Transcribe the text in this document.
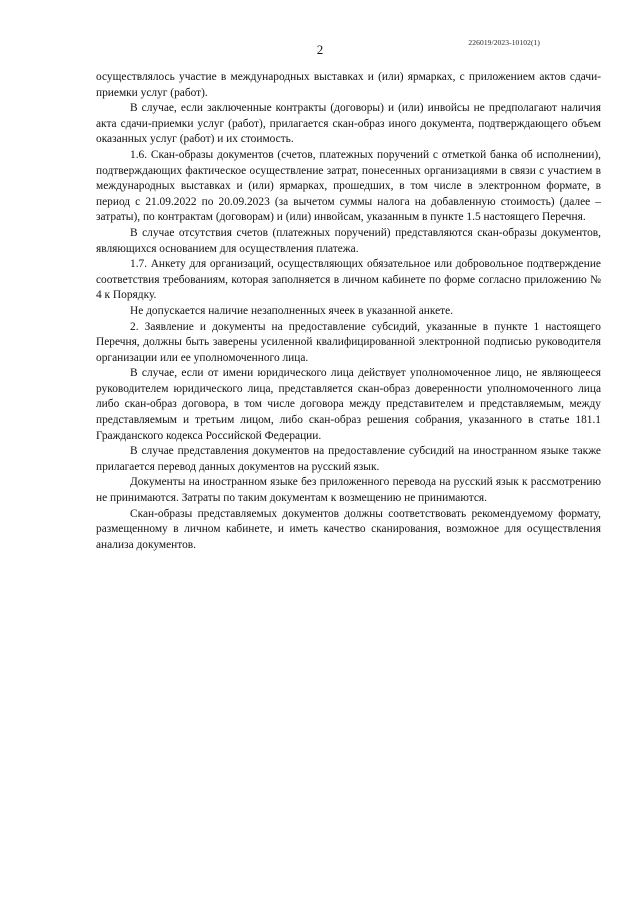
226019/2023-10102(1)
2

осуществлялось участие в международных выставках и (или) ярмарках, с приложением актов сдачи-приемки услуг (работ).

В случае, если заключенные контракты (договоры) и (или) инвойсы не предполагают наличия акта сдачи-приемки услуг (работ), прилагается скан-образ иного документа, подтверждающего объем оказанных услуг (работ) и их стоимость.

1.6. Скан-образы документов (счетов, платежных поручений с отметкой банка об исполнении), подтверждающих фактическое осуществление затрат, понесенных организациями в связи с участием в международных выставках и (или) ярмарках, прошедших, в том числе в электронном формате, в период с 21.09.2022 по 20.09.2023 (за вычетом суммы налога на добавленную стоимость) (далее – затраты), по контрактам (договорам) и (или) инвойсам, указанным в пункте 1.5 настоящего Перечня.

В случае отсутствия счетов (платежных поручений) представляются скан-образы документов, являющихся основанием для осуществления платежа.

1.7. Анкету для организаций, осуществляющих обязательное или добровольное подтверждение соответствия требованиям, которая заполняется в личном кабинете по форме согласно приложению № 4 к Порядку.

Не допускается наличие незаполненных ячеек в указанной анкете.

2. Заявление и документы на предоставление субсидий, указанные в пункте 1 настоящего Перечня, должны быть заверены усиленной квалифицированной электронной подписью руководителя организации или ее уполномоченного лица.

В случае, если от имени юридического лица действует уполномоченное лицо, не являющееся руководителем юридического лица, представляется скан-образ доверенности уполномоченного лица либо скан-образ договора, в том числе договора между представителем и представляемым, между представляемым и третьим лицом, либо скан-образ решения собрания, указанного в статье 181.1 Гражданского кодекса Российской Федерации.

В случае представления документов на предоставление субсидий на иностранном языке также прилагается перевод данных документов на русский язык.

Документы на иностранном языке без приложенного перевода на русский язык к рассмотрению не принимаются. Затраты по таким документам к возмещению не принимаются.

Скан-образы представляемых документов должны соответствовать рекомендуемому формату, размещенному в личном кабинете, и иметь качество сканирования, возможное для осуществления анализа документов.
